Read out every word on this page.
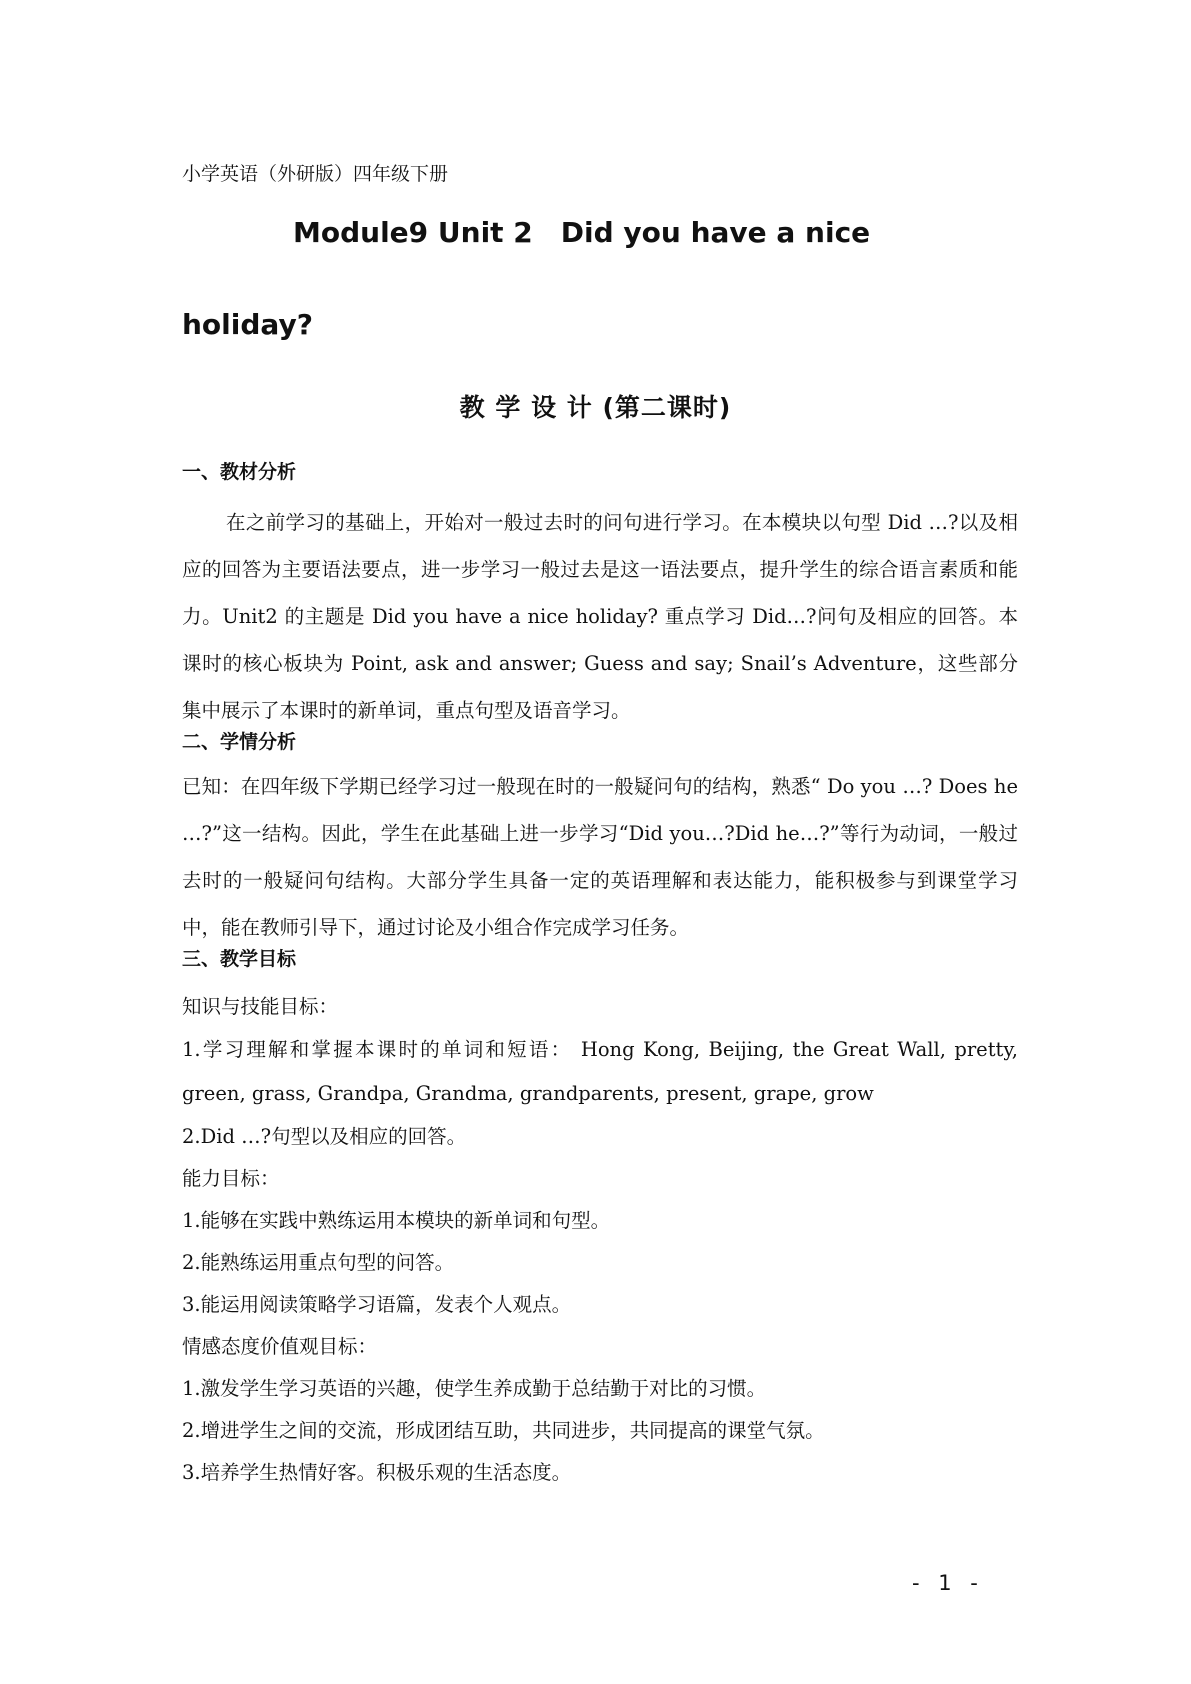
小学英语（外研版）四年级下册
Module9 Unit 2　Did you have a nice
holiday?
教 学 设 计 (第二课时)
一、教材分析

在之前学习的基础上，开始对一般过去时的问句进行学习。在本模块以句型 Did …?以及相应的回答为主要语法要点，进一步学习一般过去是这一语法要点，提升学生的综合语言素质和能力。Unit2 的主题是 Did you have a nice holiday? 重点学习 Did…?问句及相应的回答。本课时的核心板块为 Point, ask and answer; Guess and say; Snail’s Adventure，这些部分集中展示了本课时的新单词，重点句型及语音学习。

二、学情分析

已知：在四年级下学期已经学习过一般现在时的一般疑问句的结构，熟悉“ Do you …? Does he …?”这一结构。因此，学生在此基础上进一步学习“Did you…?Did he…?”等行为动词，一般过去时的一般疑问句结构。大部分学生具备一定的英语理解和表达能力，能积极参与到课堂学习中，能在教师引导下，通过讨论及小组合作完成学习任务。

三、教学目标

知识与技能目标：

1.学习理解和掌握本课时的单词和短语： Hong Kong, Beijing, the Great Wall, pretty, green, grass, Grandpa, Grandma, grandparents, present, grape, grow

2.Did …?句型以及相应的回答。

能力目标：

1.能够在实践中熟练运用本模块的新单词和句型。

2.能熟练运用重点句型的问答。

3.能运用阅读策略学习语篇，发表个人观点。

情感态度价值观目标：

1.激发学生学习英语的兴趣，使学生养成勤于总结勤于对比的习惯。

2.增进学生之间的交流，形成团结互助，共同进步，共同提高的课堂气氛。

3.培养学生热情好客。积极乐观的生活态度。

- 1 -
